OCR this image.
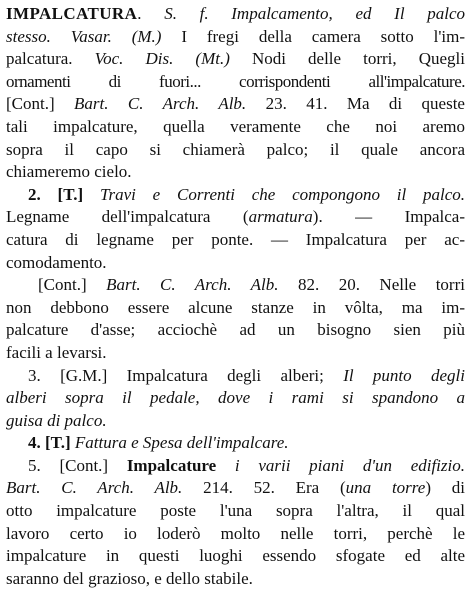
IMPALCATURA. S. f. Impalcamento, ed Il palco
stesso. Vasar. (M.) I fregi della camera sotto l'im-
palcatura. Voc. Dis. (Mt.) Nodi delle torri, Quegli
ornamenti di fuori... corrispondenti all'impalcature.
[Cont.] Bart. C. Arch. Alb. 23. 41. Ma di queste
tali impalcature, quella veramente che noi aremo
sopra il capo si chiamerà palco; il quale ancora
chiameremo cielo.
2. [T.] Travi e Correnti che compongono il palco.
Legname dell'impalcatura (armatura). — Impalca-
catura di legname per ponte. — Impalcatura per ac-
comodamento.
[Cont.] Bart. C. Arch. Alb. 82. 20. Nelle torri
non debbono essere alcune stanze in vôlta, ma im-
palcature d'asse; acciochè ad un bisogno sien più
facili a levarsi.
3. [G.M.] Impalcatura degli alberi; Il punto degli
alberi sopra il pedale, dove i rami si spandono a
guisa di palco.
4. [T.] Fattura e Spesa dell'impalcare.
5. [Cont.] Impalcature i varii piani d'un edifizio.
Bart. C. Arch. Alb. 214. 52. Era (una torre) di
otto impalcature poste l'una sopra l'altra, il qual
lavoro certo io loderò molto nelle torri, perchè le
impalcature in questi luoghi essendo sfogate ed alte
saranno del grazioso, e dello stabile.
